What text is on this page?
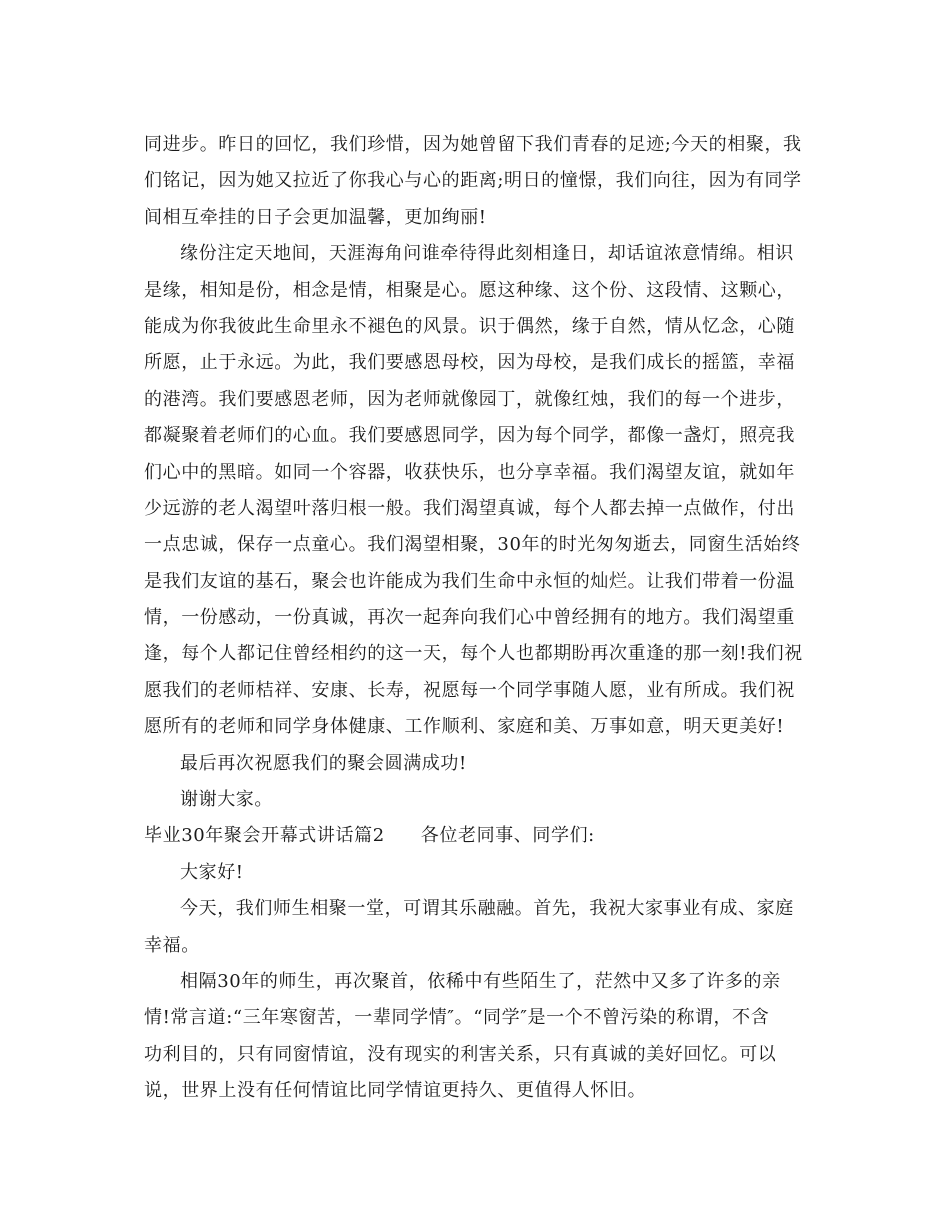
同进步。昨日的回忆，我们珍惜，因为她曾留下我们青春的足迹;今天的相聚，我
们铭记，因为她又拉近了你我心与心的距离;明日的憧憬，我们向往，因为有同学
间相互牵挂的日子会更加温馨，更加绚丽!
缘份注定天地间，天涯海角问谁牵待得此刻相逢日，却话谊浓意情绵。相识
是缘，相知是份，相念是情，相聚是心。愿这种缘、这个份、这段情、这颗心，
能成为你我彼此生命里永不褪色的风景。识于偶然，缘于自然，情从忆念，心随
所愿，止于永远。为此，我们要感恩母校，因为母校，是我们成长的摇篮，幸福
的港湾。我们要感恩老师，因为老师就像园丁，就像红烛，我们的每一个进步，
都凝聚着老师们的心血。我们要感恩同学，因为每个同学，都像一盏灯，照亮我
们心中的黑暗。如同一个容器，收获快乐，也分享幸福。我们渴望友谊，就如年
少远游的老人渴望叶落归根一般。我们渴望真诚，每个人都去掉一点做作，付出
一点忠诚，保存一点童心。我们渴望相聚，30年的时光匆匆逝去，同窗生活始终
是我们友谊的基石，聚会也许能成为我们生命中永恒的灿烂。让我们带着一份温
情，一份感动，一份真诚，再次一起奔向我们心中曾经拥有的地方。我们渴望重
逢，每个人都记住曾经相约的这一天，每个人也都期盼再次重逢的那一刻!我们祝
愿我们的老师桔祥、安康、长寿，祝愿每一个同学事随人愿，业有所成。我们祝
愿所有的老师和同学身体健康、工作顺利、家庭和美、万事如意，明天更美好!
最后再次祝愿我们的聚会圆满成功!
谢谢大家。
毕业30年聚会开幕式讲话篇2 各位老同事、同学们:
大家好!
今天，我们师生相聚一堂，可谓其乐融融。首先，我祝大家事业有成、家庭
幸福。
相隔30年的师生，再次聚首，依稀中有些陌生了，茫然中又多了许多的亲
情!常言道:“三年寒窗苦，一辈同学情″。“同学″是一个不曾污染的称谓，不含
功利目的，只有同窗情谊，没有现实的利害关系，只有真诚的美好回忆。可以
说，世界上没有任何情谊比同学情谊更持久、更值得人怀旧。
